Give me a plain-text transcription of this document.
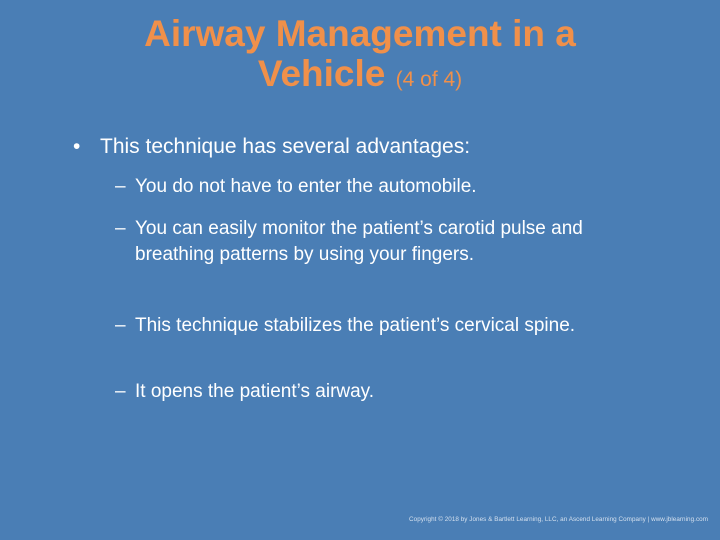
Airway Management in a
Vehicle (4 of 4)
• This technique has several advantages:
– You do not have to enter the automobile.
– You can easily monitor the patient’s carotid pulse and breathing patterns by using your fingers.
– This technique stabilizes the patient’s cervical spine.
– It opens the patient’s airway.
Copyright © 2018 by Jones & Bartlett Learning, LLC, an Ascend Learning Company | www.jblearning.com
